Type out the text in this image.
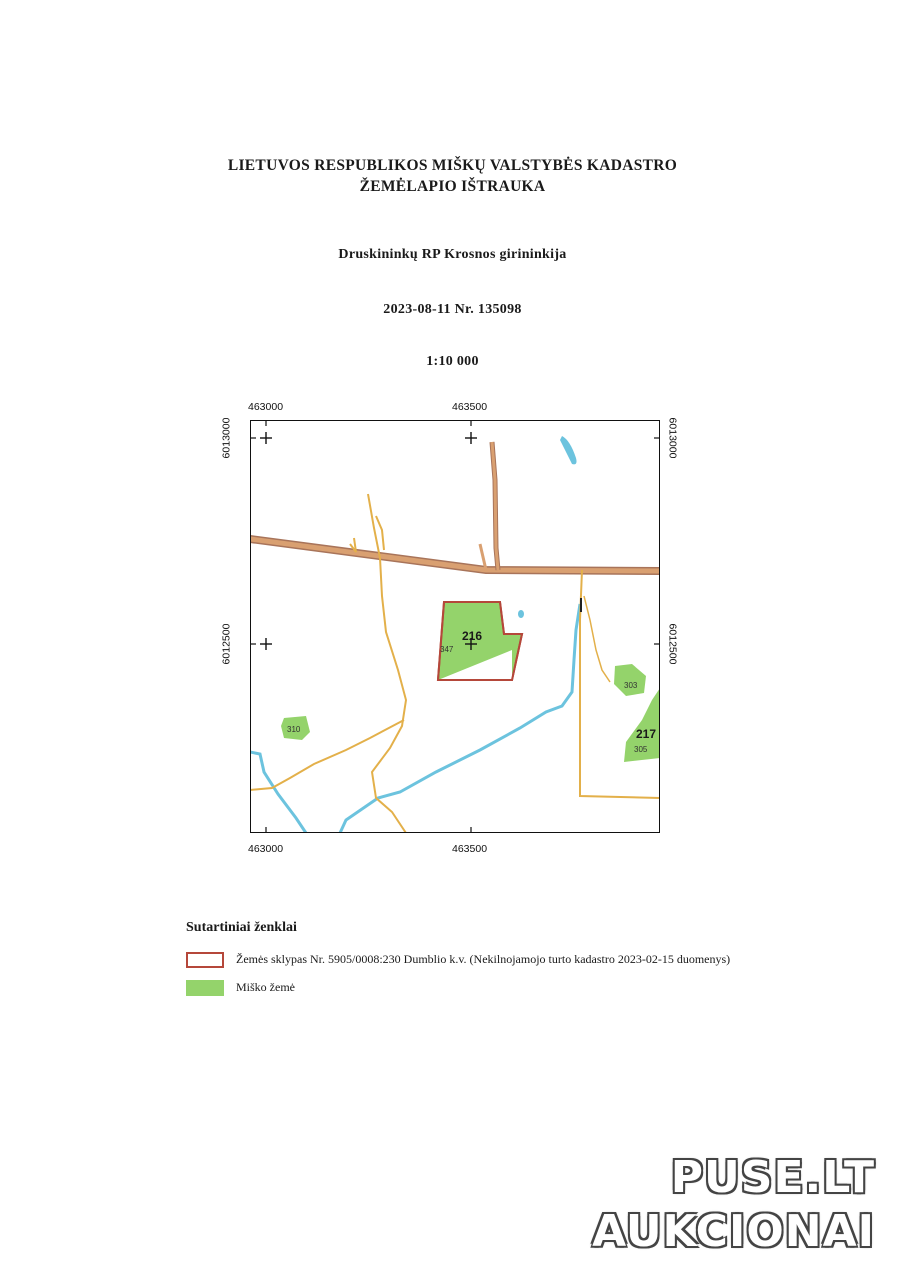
LIETUVOS RESPUBLIKOS MIŠKŲ VALSTYBĖS KADASTRO
ŽEMĖLAPIO IŠTRAUKA
Druskininkų RP Krosnos girininkija
2023-08-11 Nr. 135098
1:10 000
463000	463500
463000	463500
6013000
6012500
6013000
6012500
216
347
303
217
305
310
Sutartiniai ženklai
Žemės sklypas Nr. 5905/0008:230 Dumblio k.v. (Nekilnojamojo turto kadastro 2023-02-15 duomenys)
Miško žemė
PUSE.LT
AUKCIONAI
